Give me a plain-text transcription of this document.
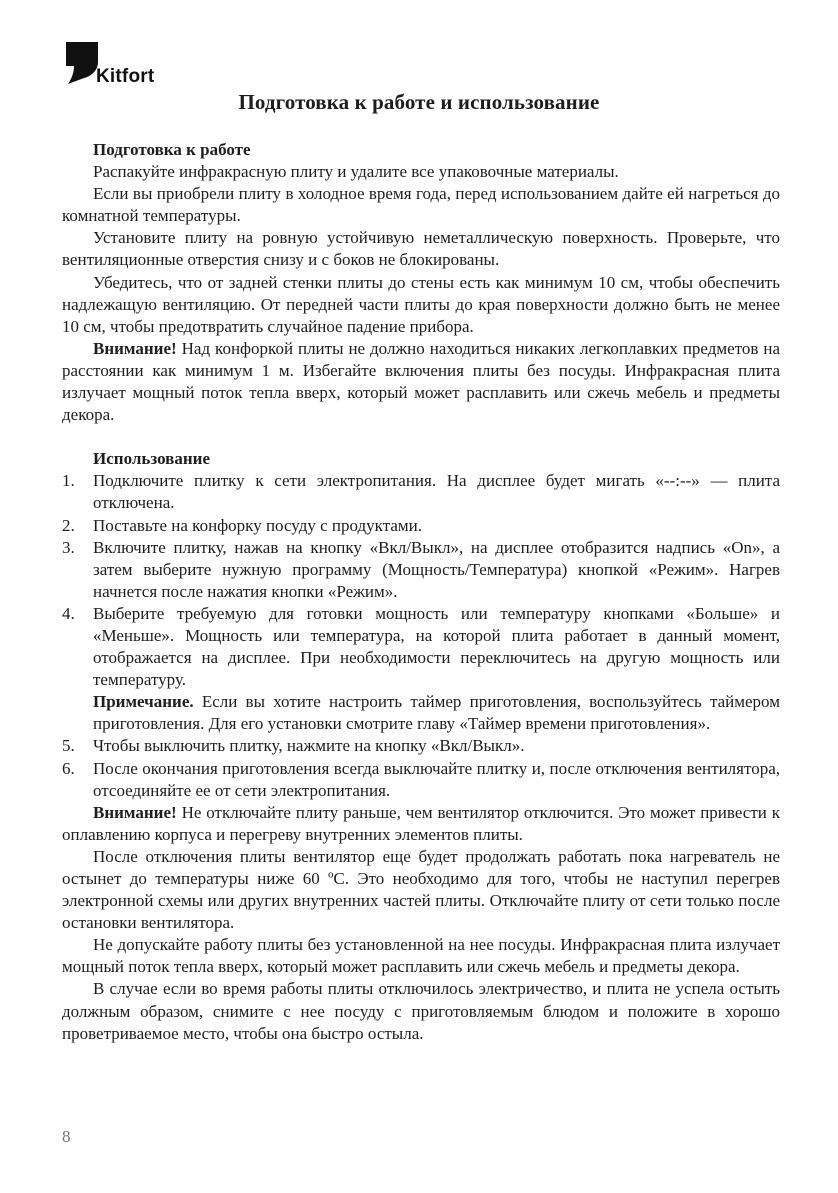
Kitfort
Подготовка к работе и использование
Подготовка к работе

Распакуйте инфракрасную плиту и удалите все упаковочные материалы.

Если вы приобрели плиту в холодное время года, перед использованием дайте ей нагреться до комнатной температуры.

Установите плиту на ровную устойчивую неметаллическую поверхность. Проверьте, что вентиляционные отверстия снизу и с боков не блокированы.

Убедитесь, что от задней стенки плиты до стены есть как минимум 10 см, чтобы обеспечить надлежащую вентиляцию. От передней части плиты до края поверхности должно быть не менее 10 см, чтобы предотвратить случайное падение прибора.

Внимание! Над конфоркой плиты не должно находиться никаких легкоплавких предметов на расстоянии как минимум 1 м. Избегайте включения плиты без посуды. Инфракрасная плита излучает мощный поток тепла вверх, который может расплавить или сжечь мебель и предметы декора.

Использование
1. Подключите плитку к сети электропитания. На дисплее будет мигать «--:--» — плита отключена.
2. Поставьте на конфорку посуду с продуктами.
3. Включите плитку, нажав на кнопку «Вкл/Выкл», на дисплее отобразится надпись «On», а затем выберите нужную программу (Мощность/Температура) кнопкой «Режим». Нагрев начнется после нажатия кнопки «Режим».
4. Выберите требуемую для готовки мощность или температуру кнопками «Больше» и «Меньше». Мощность или температура, на которой плита работает в данный момент, отображается на дисплее. При необходимости переключитесь на другую мощность или температуру.

Примечание. Если вы хотите настроить таймер приготовления, воспользуйтесь таймером приготовления. Для его установки смотрите главу «Таймер времени приготовления».

5. Чтобы выключить плитку, нажмите на кнопку «Вкл/Выкл».
6. После окончания приготовления всегда выключайте плитку и, после отключения вентилятора, отсоединяйте ее от сети электропитания.

Внимание! Не отключайте плиту раньше, чем вентилятор отключится. Это может привести к оплавлению корпуса и перегреву внутренних элементов плиты.

После отключения плиты вентилятор еще будет продолжать работать пока нагреватель не остынет до температуры ниже 60 ºC. Это необходимо для того, чтобы не наступил перегрев электронной схемы или других внутренних частей плиты. Отключайте плиту от сети только после остановки вентилятора.

Не допускайте работу плиты без установленной на нее посуды. Инфракрасная плита излучает мощный поток тепла вверх, который может расплавить или сжечь мебель и предметы декора.

В случае если во время работы плиты отключилось электричество, и плита не успела остыть должным образом, снимите с нее посуду с приготовляемым блюдом и положите в хорошо проветриваемое место, чтобы она быстро остыла.

8
